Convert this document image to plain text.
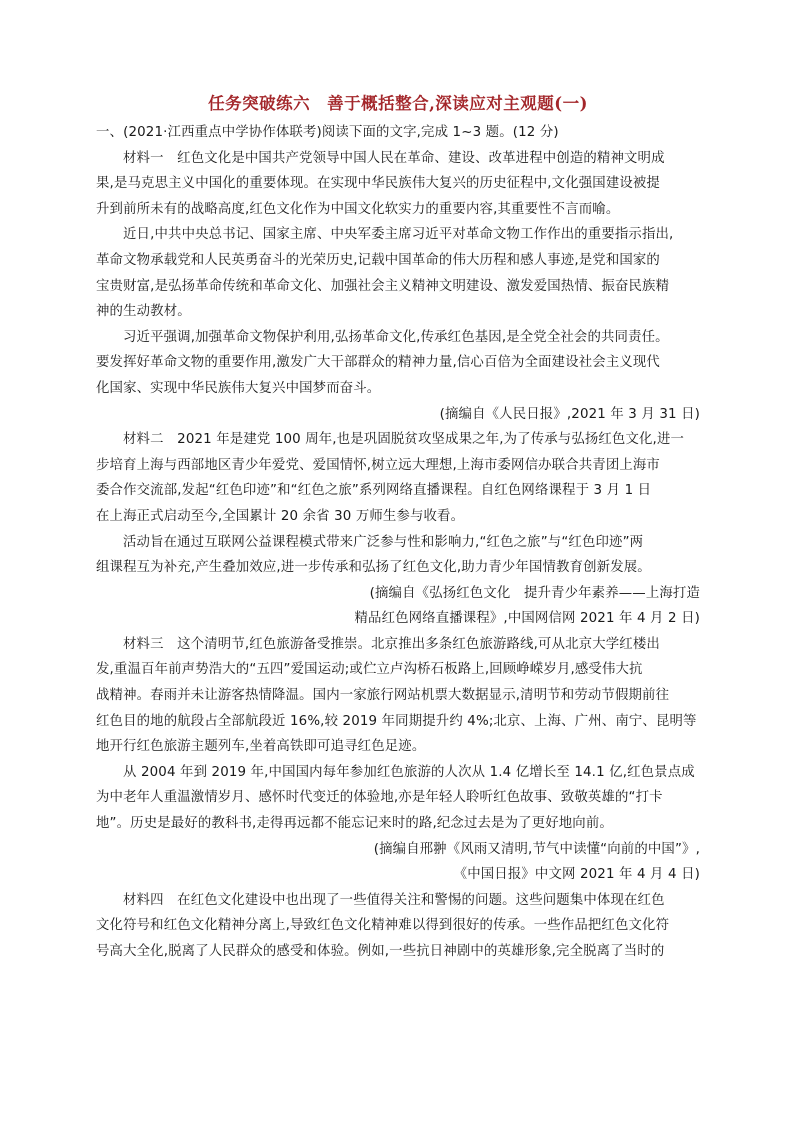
任务突破练六　善于概括整合,深读应对主观题(一)
一、(2021·江西重点中学协作体联考)阅读下面的文字,完成 1~3 题。(12 分)
材料一　红色文化是中国共产党领导中国人民在革命、建设、改革进程中创造的精神文明成
果,是马克思主义中国化的重要体现。在实现中华民族伟大复兴的历史征程中,文化强国建设被提
升到前所未有的战略高度,红色文化作为中国文化软实力的重要内容,其重要性不言而喻。
近日,中共中央总书记、国家主席、中央军委主席习近平对革命文物工作作出的重要指示指出,
革命文物承载党和人民英勇奋斗的光荣历史,记载中国革命的伟大历程和感人事迹,是党和国家的
宝贵财富,是弘扬革命传统和革命文化、加强社会主义精神文明建设、激发爱国热情、振奋民族精
神的生动教材。
习近平强调,加强革命文物保护利用,弘扬革命文化,传承红色基因,是全党全社会的共同责任。
要发挥好革命文物的重要作用,激发广大干部群众的精神力量,信心百倍为全面建设社会主义现代
化国家、实现中华民族伟大复兴中国梦而奋斗。
(摘编自《人民日报》,2021 年 3 月 31 日)
材料二　2021 年是建党 100 周年,也是巩固脱贫攻坚成果之年,为了传承与弘扬红色文化,进一
步培育上海与西部地区青少年爱党、爱国情怀,树立远大理想,上海市委网信办联合共青团上海市
委合作交流部,发起“红色印迹”和“红色之旅”系列网络直播课程。自红色网络课程于 3 月 1 日
在上海正式启动至今,全国累计 20 余省 30 万师生参与收看。
活动旨在通过互联网公益课程模式带来广泛参与性和影响力,“红色之旅”与“红色印迹”两
组课程互为补充,产生叠加效应,进一步传承和弘扬了红色文化,助力青少年国情教育创新发展。
(摘编自《弘扬红色文化　提升青少年素养——上海打造
精品红色网络直播课程》,中国网信网 2021 年 4 月 2 日)
材料三　这个清明节,红色旅游备受推崇。北京推出多条红色旅游路线,可从北京大学红楼出
发,重温百年前声势浩大的“五四”爱国运动;或伫立卢沟桥石板路上,回顾峥嵘岁月,感受伟大抗
战精神。春雨并未让游客热情降温。国内一家旅行网站机票大数据显示,清明节和劳动节假期前往
红色目的地的航段占全部航段近 16%,较 2019 年同期提升约 4%;北京、上海、广州、南宁、昆明等
地开行红色旅游主题列车,坐着高铁即可追寻红色足迹。
从 2004 年到 2019 年,中国国内每年参加红色旅游的人次从 1.4 亿增长至 14.1 亿,红色景点成
为中老年人重温激情岁月、感怀时代变迁的体验地,亦是年轻人聆听红色故事、致敬英雄的“打卡
地”。历史是最好的教科书,走得再远都不能忘记来时的路,纪念过去是为了更好地向前。
(摘编自邢翀《风雨又清明,节气中读懂“向前的中国”》,
《中国日报》中文网 2021 年 4 月 4 日)
材料四　在红色文化建设中也出现了一些值得关注和警惕的问题。这些问题集中体现在红色
文化符号和红色文化精神分离上,导致红色文化精神难以得到很好的传承。一些作品把红色文化符
号高大全化,脱离了人民群众的感受和体验。例如,一些抗日神剧中的英雄形象,完全脱离了当时的
